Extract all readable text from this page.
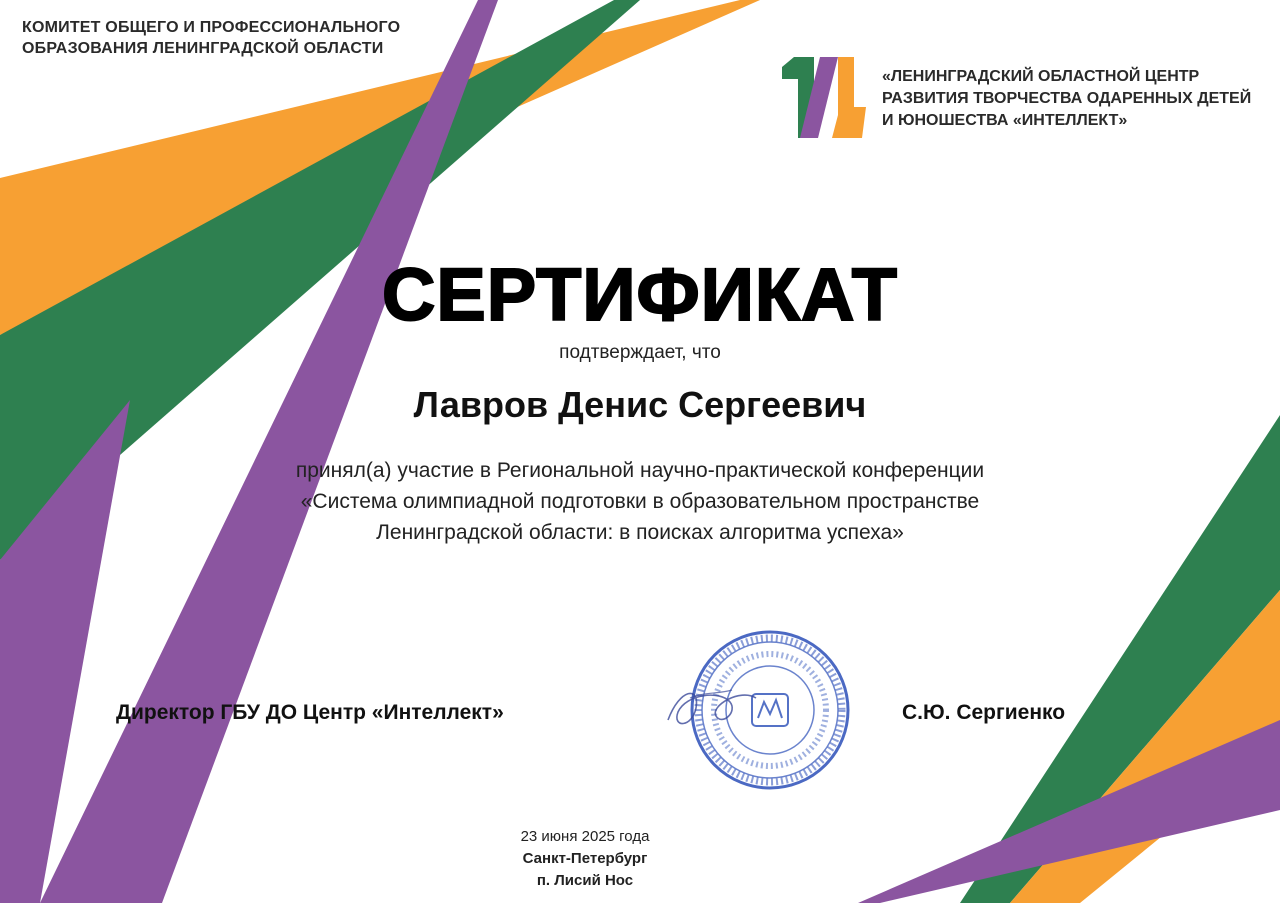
КОМИТЕТ ОБЩЕГО И ПРОФЕССИОНАЛЬНОГО
ОБРАЗОВАНИЯ ЛЕНИНГРАДСКОЙ ОБЛАСТИ
«ЛЕНИНГРАДСКИЙ ОБЛАСТНОЙ ЦЕНТР
РАЗВИТИЯ ТВОРЧЕСТВА ОДАРЕННЫХ ДЕТЕЙ
И ЮНОШЕСТВА «ИНТЕЛЛЕКТ»
СЕРТИФИКАТ
подтверждает, что
Лавров Денис Сергеевич
принял(а) участие в Региональной научно-практической конференции
«Система олимпиадной подготовки в образовательном пространстве
Ленинградской области: в поисках алгоритма успеха»
Директор ГБУ ДО Центр «Интеллект»	С.Ю. Сергиенко
23 июня 2025 года
Санкт-Петербург
п. Лисий Нос
